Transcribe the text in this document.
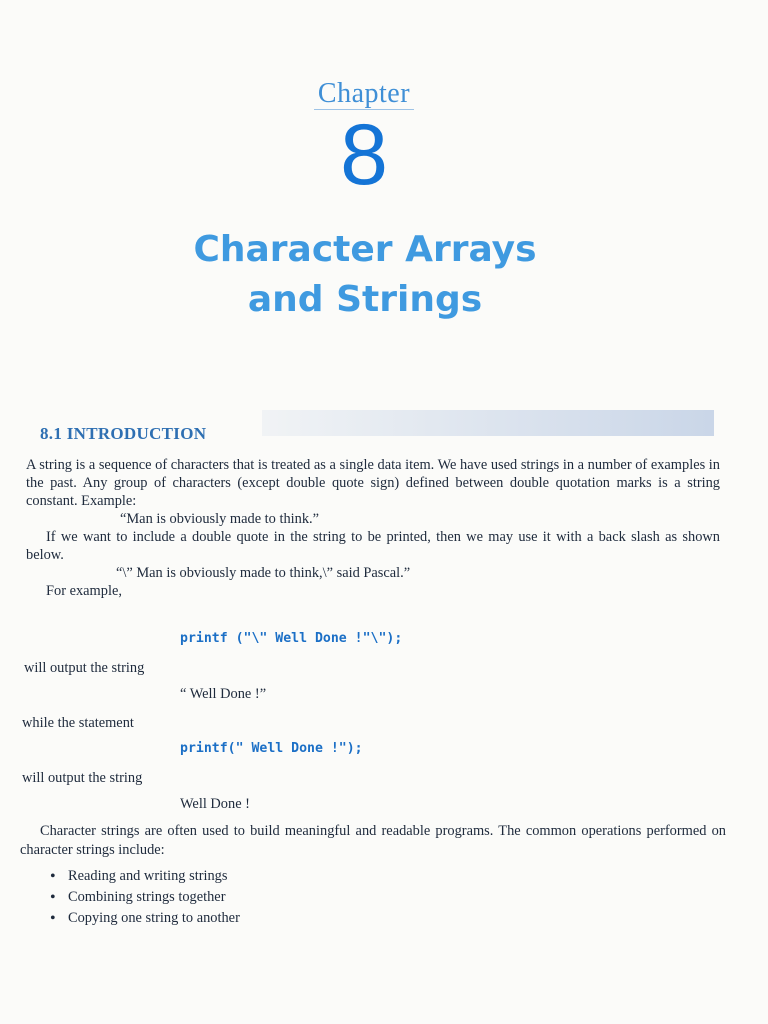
Chapter
8
Character Arrays
and Strings
8.1 INTRODUCTION

A string is a sequence of characters that is treated as a single data item. We have used strings in a number of examples in the past. Any group of characters (except double quote sign) defined between double quotation marks is a string constant. Example:

“Man is obviously made to think.”

If we want to include a double quote in the string to be printed, then we may use it with a back slash as shown below.

“\” Man is obviously made to think,\” said Pascal.”

For example,

printf ("\" Well Done !"\");
will output the string
“ Well Done !”
while the statement
printf(" Well Done !");
will output the string
Well Done !
Character strings are often used to build meaningful and readable programs. The common operations performed on character strings include:
• Reading and writing strings
• Combining strings together
• Copying one string to another
